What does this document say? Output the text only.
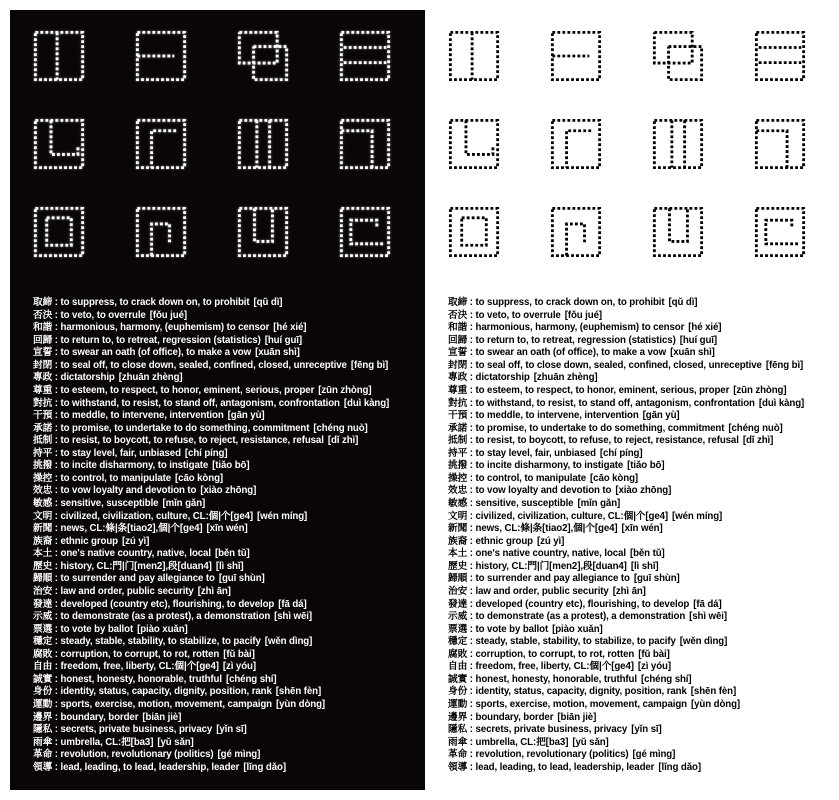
取締 : to suppress, to crack down on, to prohibit [qǔ dì]
否決 : to veto, to overrule [fǒu jué]
和諧 : harmonious, harmony, (euphemism) to censor [hé xié]
回歸 : to return to, to retreat, regression (statistics) [huí guī]
宣誓 : to swear an oath (of office), to make a vow [xuān shì]
封閉 : to seal off, to close down, sealed, confined, closed, unreceptive [fēng bì]
專政 : dictatorship [zhuān zhèng]
尊重 : to esteem, to respect, to honor, eminent, serious, proper [zūn zhòng]
對抗 : to withstand, to resist, to stand off, antagonism, confrontation [duì kàng]
干預 : to meddle, to intervene, intervention [gān yù]
承諾 : to promise, to undertake to do something, commitment [chéng nuò]
抵制 : to resist, to boycott, to refuse, to reject, resistance, refusal [dǐ zhì]
持平 : to stay level, fair, unbiased [chí píng]
挑撥 : to incite disharmony, to instigate [tiǎo bō]
操控 : to control, to manipulate [cāo kòng]
效忠 : to vow loyalty and devotion to [xiào zhōng]
敏感 : sensitive, susceptible [mǐn gǎn]
文明 : civilized, civilization, culture, CL:個|个[ge4] [wén míng]
新聞 : news, CL:條|条[tiao2],個|个[ge4] [xīn wén]
族裔 : ethnic group [zú yì]
本土 : one's native country, native, local [běn tǔ]
歷史 : history, CL:門|门[men2],段[duan4] [lì shǐ]
歸順 : to surrender and pay allegiance to [guī shùn]
治安 : law and order, public security [zhì ān]
發達 : developed (country etc), flourishing, to develop [fā dá]
示威 : to demonstrate (as a protest), a demonstration [shì wēi]
票選 : to vote by ballot [piào xuǎn]
穩定 : steady, stable, stability, to stabilize, to pacify [wěn dìng]
腐敗 : corruption, to corrupt, to rot, rotten [fǔ bài]
自由 : freedom, free, liberty, CL:個|个[ge4] [zì yóu]
誠實 : honest, honesty, honorable, truthful [chéng shí]
身份 : identity, status, capacity, dignity, position, rank [shēn fèn]
運動 : sports, exercise, motion, movement, campaign [yùn dòng]
邊界 : boundary, border [biān jiè]
隱私 : secrets, private business, privacy [yǐn sī]
雨傘 : umbrella, CL:把[ba3] [yǔ sǎn]
革命 : revolution, revolutionary (politics) [gé mìng]
領導 : lead, leading, to lead, leadership, leader [lǐng dǎo]
取締 : to suppress, to crack down on, to prohibit [qǔ dì]
否決 : to veto, to overrule [fǒu jué]
和諧 : harmonious, harmony, (euphemism) to censor [hé xié]
回歸 : to return to, to retreat, regression (statistics) [huí guī]
宣誓 : to swear an oath (of office), to make a vow [xuān shì]
封閉 : to seal off, to close down, sealed, confined, closed, unreceptive [fēng bì]
專政 : dictatorship [zhuān zhèng]
尊重 : to esteem, to respect, to honor, eminent, serious, proper [zūn zhòng]
對抗 : to withstand, to resist, to stand off, antagonism, confrontation [duì kàng]
干預 : to meddle, to intervene, intervention [gān yù]
承諾 : to promise, to undertake to do something, commitment [chéng nuò]
抵制 : to resist, to boycott, to refuse, to reject, resistance, refusal [dǐ zhì]
持平 : to stay level, fair, unbiased [chí píng]
挑撥 : to incite disharmony, to instigate [tiǎo bō]
操控 : to control, to manipulate [cāo kòng]
效忠 : to vow loyalty and devotion to [xiào zhōng]
敏感 : sensitive, susceptible [mǐn gǎn]
文明 : civilized, civilization, culture, CL:個|个[ge4] [wén míng]
新聞 : news, CL:條|条[tiao2],個|个[ge4] [xīn wén]
族裔 : ethnic group [zú yì]
本土 : one's native country, native, local [běn tǔ]
歷史 : history, CL:門|门[men2],段[duan4] [lì shǐ]
歸順 : to surrender and pay allegiance to [guī shùn]
治安 : law and order, public security [zhì ān]
發達 : developed (country etc), flourishing, to develop [fā dá]
示威 : to demonstrate (as a protest), a demonstration [shì wēi]
票選 : to vote by ballot [piào xuǎn]
穩定 : steady, stable, stability, to stabilize, to pacify [wěn dìng]
腐敗 : corruption, to corrupt, to rot, rotten [fǔ bài]
自由 : freedom, free, liberty, CL:個|个[ge4] [zì yóu]
誠實 : honest, honesty, honorable, truthful [chéng shí]
身份 : identity, status, capacity, dignity, position, rank [shēn fèn]
運動 : sports, exercise, motion, movement, campaign [yùn dòng]
邊界 : boundary, border [biān jiè]
隱私 : secrets, private business, privacy [yǐn sī]
雨傘 : umbrella, CL:把[ba3] [yǔ sǎn]
革命 : revolution, revolutionary (politics) [gé mìng]
領導 : lead, leading, to lead, leadership, leader [lǐng dǎo]
